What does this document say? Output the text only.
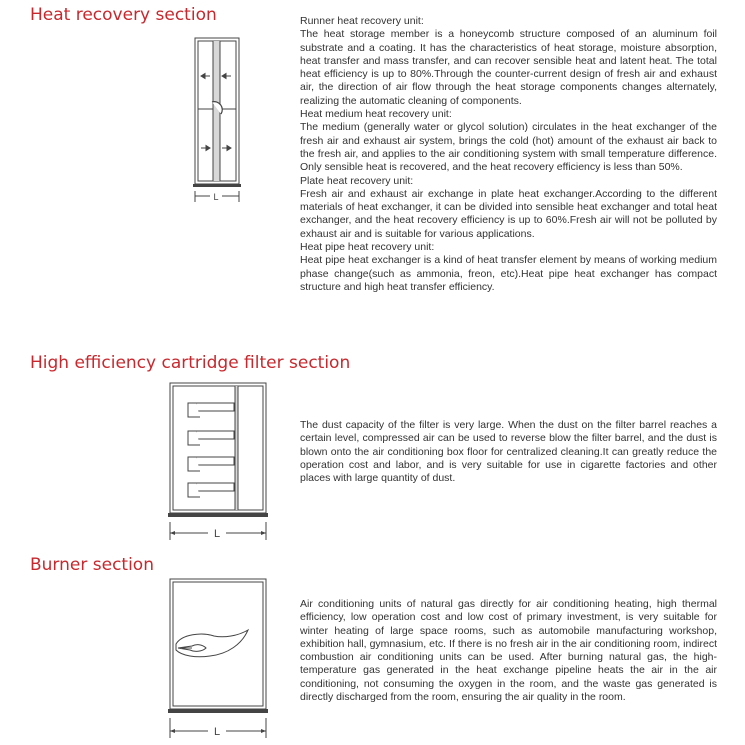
Heat recovery section
L

Runner heat recovery unit:

The heat storage member is a honeycomb structure composed of an aluminum foil substrate and a coating. It has the characteristics of heat storage, moisture absorption, heat transfer and mass transfer, and can recover sensible heat and latent heat. The total heat efficiency is up to 80%.Through the counter-current design of fresh air and exhaust air, the direction of air flow through the heat storage components changes alternately, realizing the automatic cleaning of components.

Heat medium heat recovery unit:

The medium (generally water or glycol solution) circulates in the heat exchanger of the fresh air and exhaust air system, brings the cold (hot) amount of the exhaust air back to the fresh air, and applies to the air conditioning system with small temperature difference. Only sensible heat is recovered, and the heat recovery efficiency is less than 50%.

Plate heat recovery unit:

Fresh air and exhaust air exchange in plate heat exchanger.According to the different materials of heat exchanger, it can be divided into sensible heat exchanger and total heat exchanger, and the heat recovery efficiency is up to 60%.Fresh air will not be polluted by exhaust air and is suitable for various applications.

Heat pipe heat recovery unit:

Heat pipe heat exchanger is a kind of heat transfer element by means of working medium phase change(such as ammonia, freon, etc).Heat pipe heat exchanger has compact structure and high heat transfer efficiency.

High efficiency cartridge filter section
L

The dust capacity of the filter is very large. When the dust on the filter barrel reaches a certain level, compressed air can be used to reverse blow the filter barrel, and the dust is blown onto the air conditioning box floor for centralized cleaning.It can greatly reduce the operation cost and labor, and is very suitable for use in cigarette factories and other places with large quantity of dust.

Burner section
L

Air conditioning units of natural gas directly for air conditioning heating, high thermal efficiency, low operation cost and low cost of primary investment, is very suitable for winter heating of large space rooms, such as automobile manufacturing workshop, exhibition hall, gymnasium, etc. If there is no fresh air in the air conditioning room, indirect combustion air conditioning units can be used. After burning natural gas, the high-temperature gas generated in the heat exchange pipeline heats the air in the air conditioning, not consuming the oxygen in the room, and the waste gas generated is directly discharged from the room, ensuring the air quality in the room.
